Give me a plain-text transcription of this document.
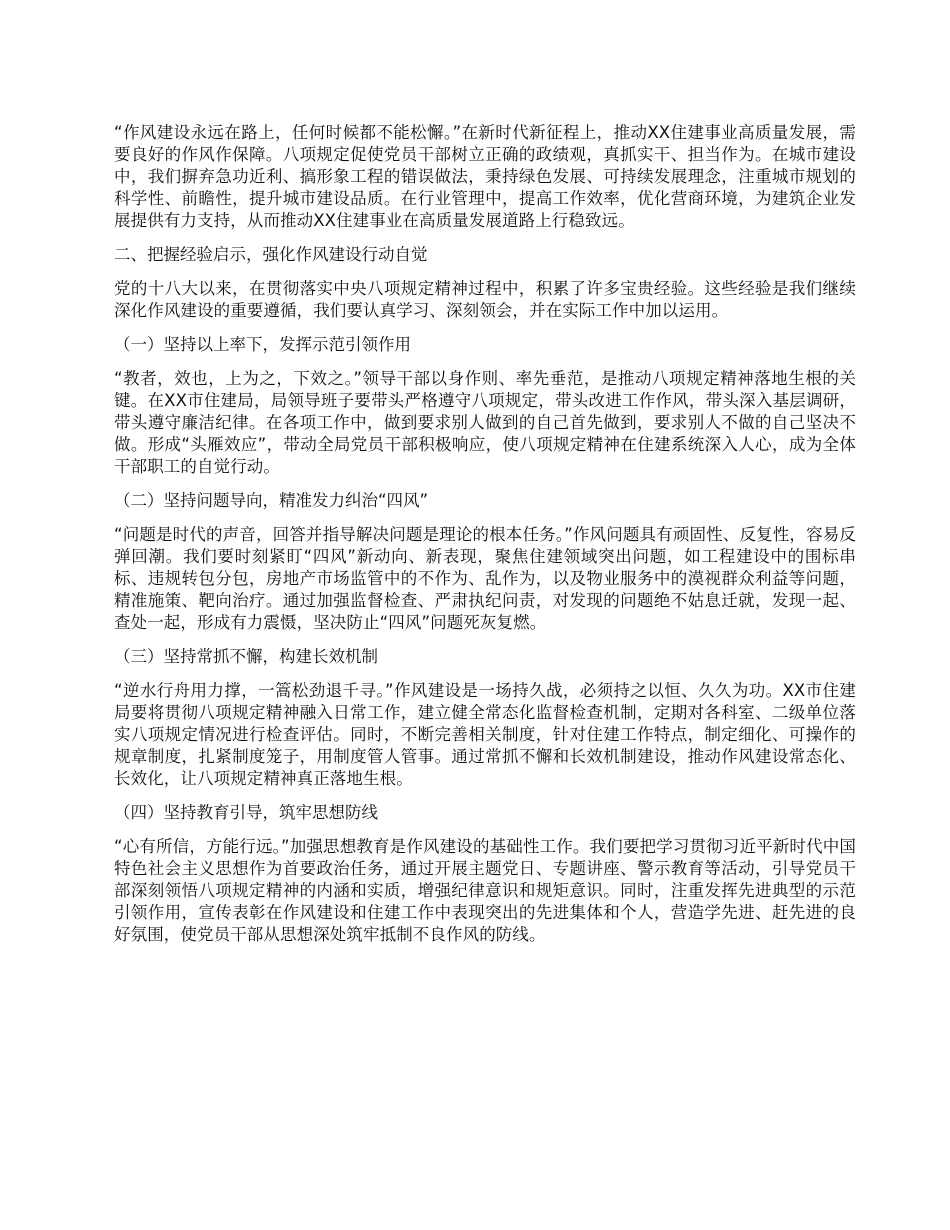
“作风建设永远在路上，任何时候都不能松懈。”在新时代新征程上，推动XX住建事业高质量发展，需要良好的作风作保障。八项规定促使党员干部树立正确的政绩观，真抓实干、担当作为。在城市建设中，我们摒弃急功近利、搞形象工程的错误做法，秉持绿色发展、可持续发展理念，注重城市规划的科学性、前瞻性，提升城市建设品质。在行业管理中，提高工作效率，优化营商环境，为建筑企业发展提供有力支持，从而推动XX住建事业在高质量发展道路上行稳致远。

二、把握经验启示，强化作风建设行动自觉

党的十八大以来，在贯彻落实中央八项规定精神过程中，积累了许多宝贵经验。这些经验是我们继续深化作风建设的重要遵循，我们要认真学习、深刻领会，并在实际工作中加以运用。

（一）坚持以上率下，发挥示范引领作用

“教者，效也，上为之，下效之。”领导干部以身作则、率先垂范，是推动八项规定精神落地生根的关键。在XX市住建局，局领导班子要带头严格遵守八项规定，带头改进工作作风，带头深入基层调研，带头遵守廉洁纪律。在各项工作中，做到要求别人做到的自己首先做到，要求别人不做的自己坚决不做。形成“头雁效应”，带动全局党员干部积极响应，使八项规定精神在住建系统深入人心，成为全体干部职工的自觉行动。

（二）坚持问题导向，精准发力纠治“四风”

“问题是时代的声音，回答并指导解决问题是理论的根本任务。”作风问题具有顽固性、反复性，容易反弹回潮。我们要时刻紧盯“四风”新动向、新表现，聚焦住建领域突出问题，如工程建设中的围标串标、违规转包分包，房地产市场监管中的不作为、乱作为，以及物业服务中的漠视群众利益等问题，精准施策、靶向治疗。通过加强监督检查、严肃执纪问责，对发现的问题绝不姑息迁就，发现一起、查处一起，形成有力震慑，坚决防止“四风”问题死灰复燃。

（三）坚持常抓不懈，构建长效机制

“逆水行舟用力撑，一篙松劲退千寻。”作风建设是一场持久战，必须持之以恒、久久为功。XX市住建局要将贯彻八项规定精神融入日常工作，建立健全常态化监督检查机制，定期对各科室、二级单位落实八项规定情况进行检查评估。同时，不断完善相关制度，针对住建工作特点，制定细化、可操作的规章制度，扎紧制度笼子，用制度管人管事。通过常抓不懈和长效机制建设，推动作风建设常态化、长效化，让八项规定精神真正落地生根。

（四）坚持教育引导，筑牢思想防线

“心有所信，方能行远。”加强思想教育是作风建设的基础性工作。我们要把学习贯彻习近平新时代中国特色社会主义思想作为首要政治任务，通过开展主题党日、专题讲座、警示教育等活动，引导党员干部深刻领悟八项规定精神的内涵和实质，增强纪律意识和规矩意识。同时，注重发挥先进典型的示范引领作用，宣传表彰在作风建设和住建工作中表现突出的先进集体和个人，营造学先进、赶先进的良好氛围，使党员干部从思想深处筑牢抵制不良作风的防线。
